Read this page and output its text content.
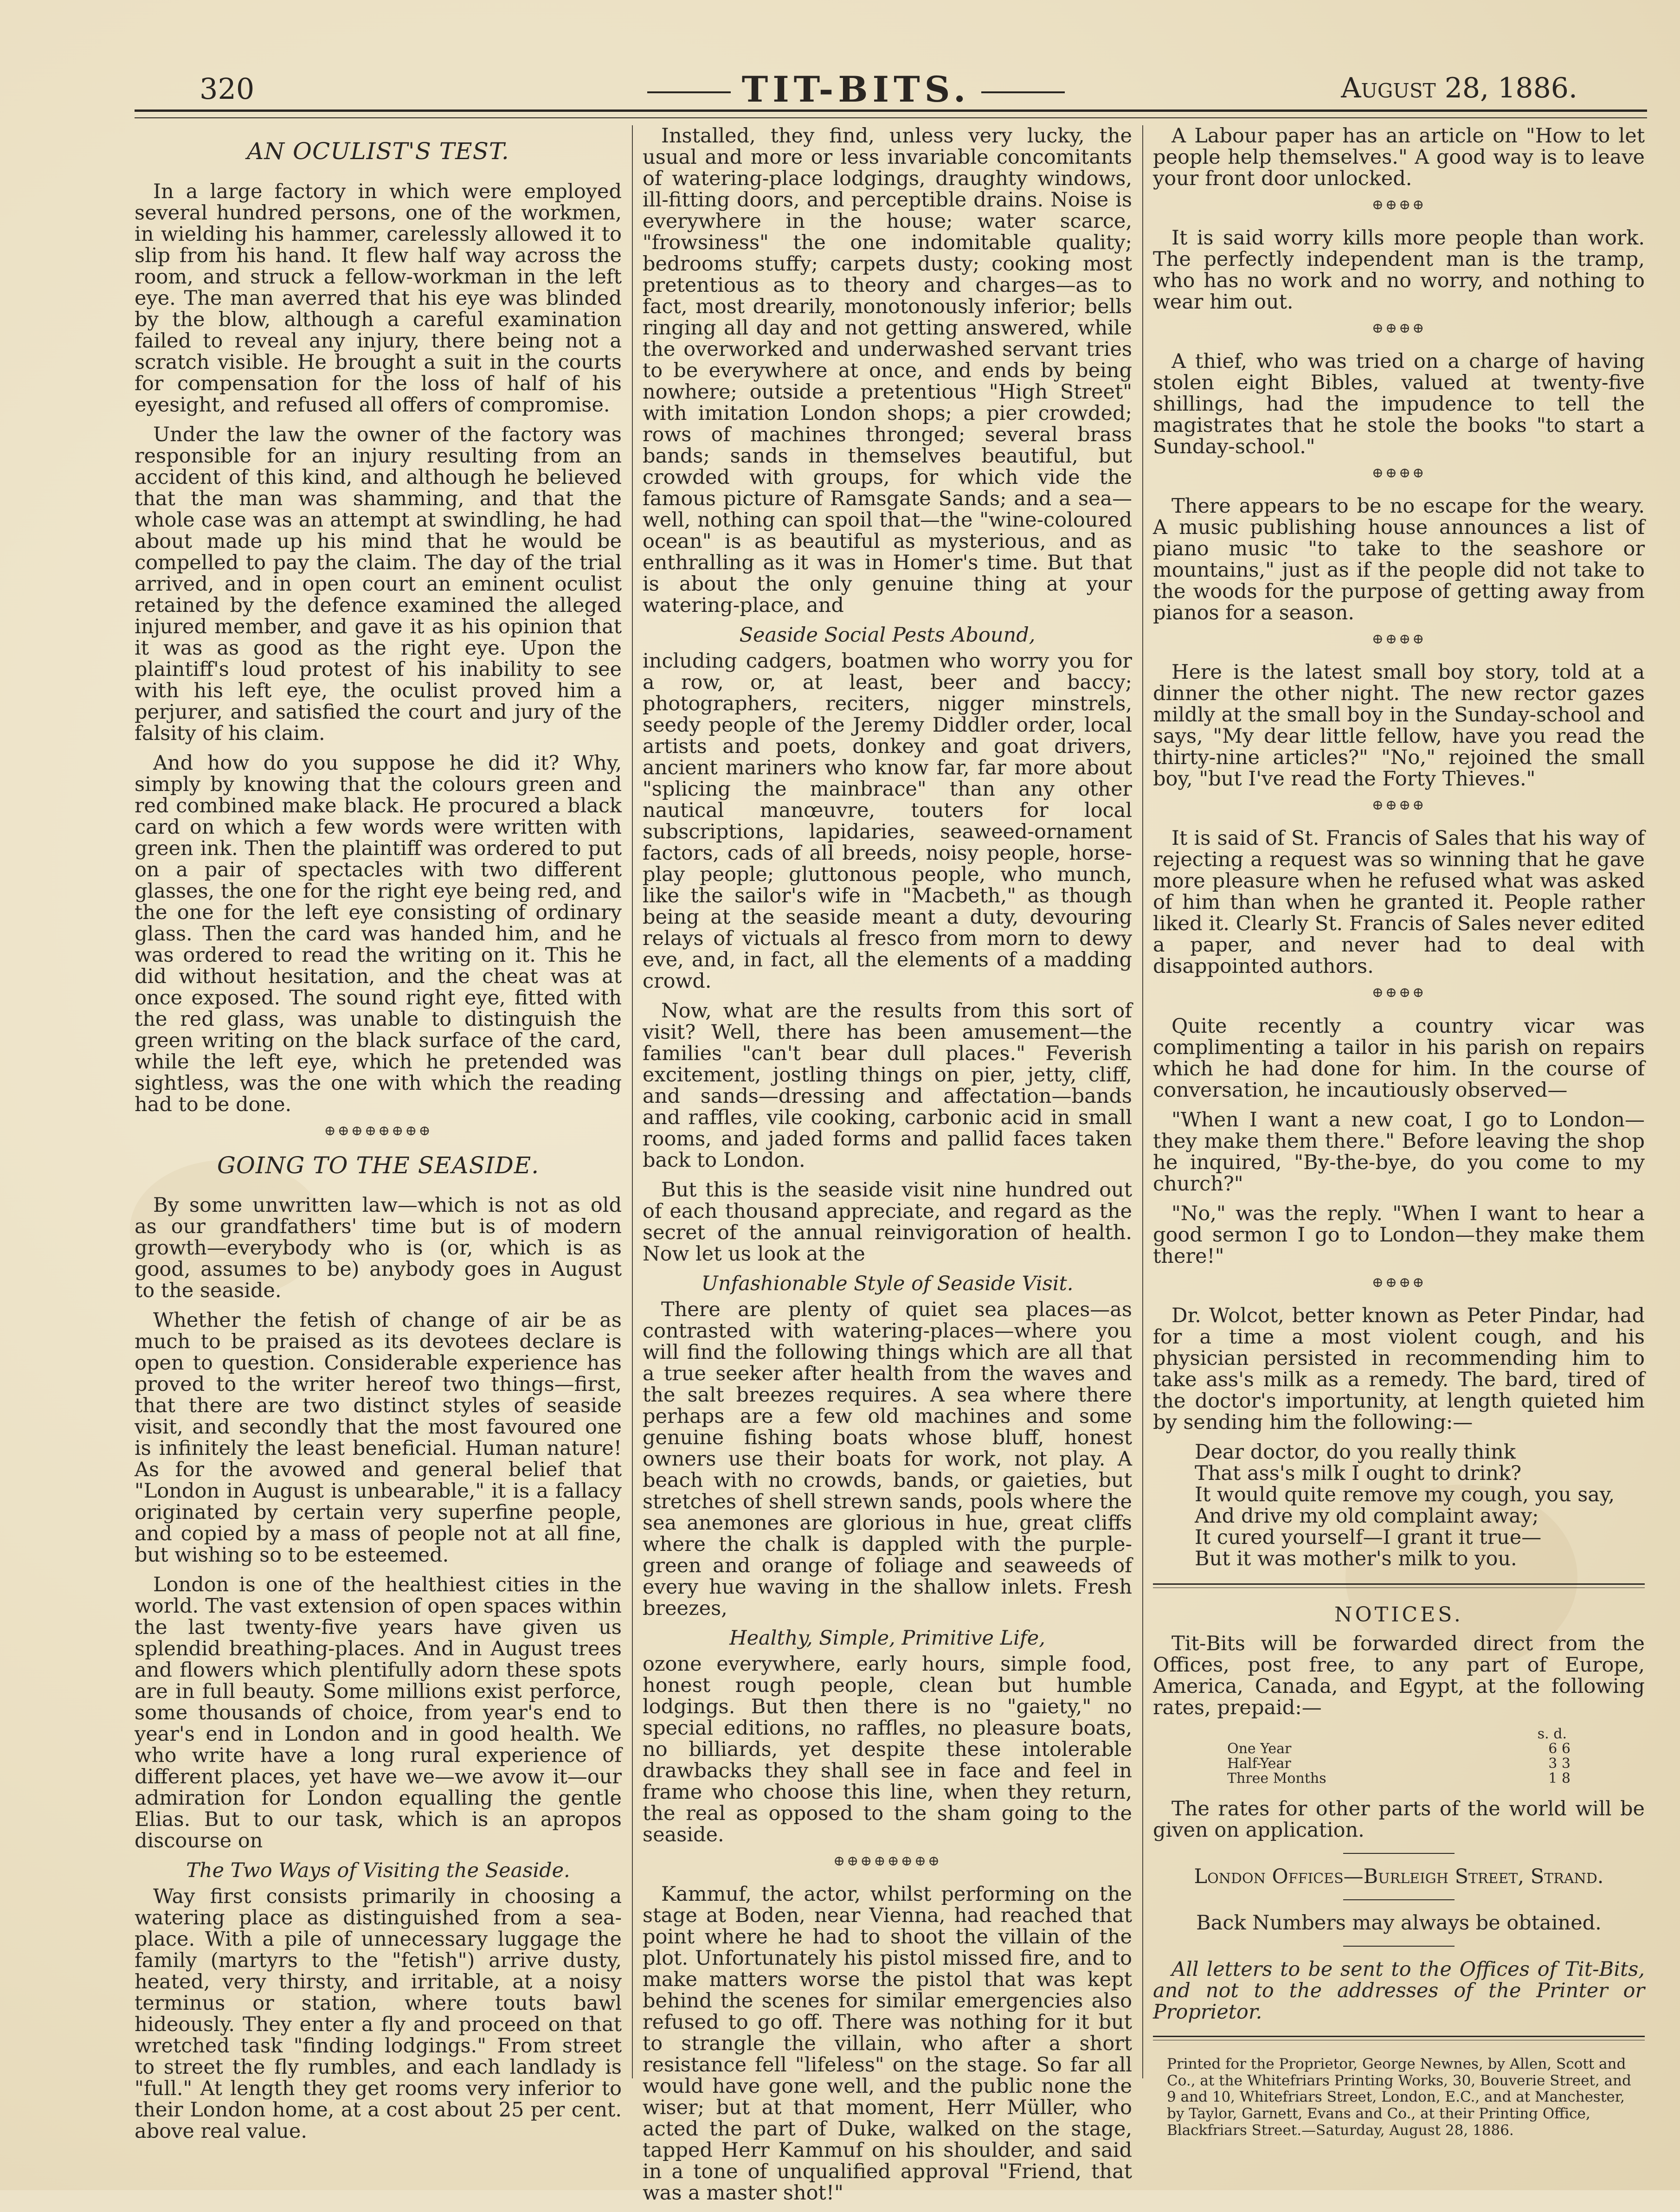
320	TIT-BITS.	August 28, 1886.
AN OCULIST'S TEST.

In a large factory in which were employed several hundred persons, one of the workmen, in wielding his hammer, carelessly allowed it to slip from his hand. It flew half way across the room, and struck a fellow-workman in the left eye. The man averred that his eye was blinded by the blow, although a careful examination failed to reveal any injury, there being not a scratch visible. He brought a suit in the courts for compensation for the loss of half of his eyesight, and refused all offers of compromise.

Under the law the owner of the factory was responsible for an injury resulting from an accident of this kind, and although he believed that the man was shamming, and that the whole case was an attempt at swindling, he had about made up his mind that he would be compelled to pay the claim. The day of the trial arrived, and in open court an eminent oculist retained by the defence examined the alleged injured member, and gave it as his opinion that it was as good as the right eye. Upon the plaintiff's loud protest of his inability to see with his left eye, the oculist proved him a perjurer, and satisfied the court and jury of the falsity of his claim.

And how do you suppose he did it? Why, simply by knowing that the colours green and red combined make black. He procured a black card on which a few words were written with green ink. Then the plaintiff was ordered to put on a pair of spectacles with two different glasses, the one for the right eye being red, and the one for the left eye consisting of ordinary glass. Then the card was handed him, and he was ordered to read the writing on it. This he did without hesitation, and the cheat was at once exposed. The sound right eye, fitted with the red glass, was unable to distinguish the green writing on the black surface of the card, while the left eye, which he pretended was sightless, was the one with which the reading had to be done.

⊕⊕⊕⊕⊕⊕⊕⊕
GOING TO THE SEASIDE.

By some unwritten law—which is not as old as our grandfathers' time but is of modern growth—everybody who is (or, which is as good, assumes to be) anybody goes in August to the seaside.

Whether the fetish of change of air be as much to be praised as its devotees declare is open to question. Considerable experience has proved to the writer hereof two things—first, that there are two distinct styles of seaside visit, and secondly that the most favoured one is infinitely the least beneficial. Human nature! As for the avowed and general belief that "London in August is unbearable," it is a fallacy originated by certain very superfine people, and copied by a mass of people not at all fine, but wishing so to be esteemed.

London is one of the healthiest cities in the world. The vast extension of open spaces within the last twenty-five years have given us splendid breathing-places. And in August trees and flowers which plentifully adorn these spots are in full beauty. Some millions exist perforce, some thousands of choice, from year's end to year's end in London and in good health. We who write have a long rural experience of different places, yet have we—we avow it—our admiration for London equalling the gentle Elias. But to our task, which is an apropos discourse on

The Two Ways of Visiting the Seaside.

Way first consists primarily in choosing a watering place as distinguished from a sea-place. With a pile of unnecessary luggage the family (martyrs to the "fetish") arrive dusty, heated, very thirsty, and irritable, at a noisy terminus or station, where touts bawl hideously. They enter a fly and proceed on that wretched task "finding lodgings." From street to street the fly rumbles, and each landlady is "full." At length they get rooms very inferior to their London home, at a cost about 25 per cent. above real value.

Installed, they find, unless very lucky, the usual and more or less invariable concomitants of watering-place lodgings, draughty windows, ill-fitting doors, and perceptible drains. Noise is everywhere in the house; water scarce, "frowsiness" the one indomitable quality; bedrooms stuffy; carpets dusty; cooking most pretentious as to theory and charges—as to fact, most drearily, monotonously inferior; bells ringing all day and not getting answered, while the overworked and underwashed servant tries to be everywhere at once, and ends by being nowhere; outside a pretentious "High Street" with imitation London shops; a pier crowded; rows of machines thronged; several brass bands; sands in themselves beautiful, but crowded with groups, for which vide the famous picture of Ramsgate Sands; and a sea—well, nothing can spoil that—the "wine-coloured ocean" is as beautiful as mysterious, and as enthralling as it was in Homer's time. But that is about the only genuine thing at your watering-place, and

Seaside Social Pests Abound,

including cadgers, boatmen who worry you for a row, or, at least, beer and baccy; photographers, reciters, nigger minstrels, seedy people of the Jeremy Diddler order, local artists and poets, donkey and goat drivers, ancient mariners who know far, far more about "splicing the mainbrace" than any other nautical manœuvre, touters for local subscriptions, lapidaries, seaweed-ornament factors, cads of all breeds, noisy people, horse-play people; gluttonous people, who munch, like the sailor's wife in "Macbeth," as though being at the seaside meant a duty, devouring relays of victuals al fresco from morn to dewy eve, and, in fact, all the elements of a madding crowd.

Now, what are the results from this sort of visit? Well, there has been amusement—the families "can't bear dull places." Feverish excitement, jostling things on pier, jetty, cliff, and sands—dressing and affectation—bands and raffles, vile cooking, carbonic acid in small rooms, and jaded forms and pallid faces taken back to London.

But this is the seaside visit nine hundred out of each thousand appreciate, and regard as the secret of the annual reinvigoration of health. Now let us look at the

Unfashionable Style of Seaside Visit.

There are plenty of quiet sea places—as contrasted with watering-places—where you will find the following things which are all that a true seeker after health from the waves and the salt breezes requires. A sea where there perhaps are a few old machines and some genuine fishing boats whose bluff, honest owners use their boats for work, not play. A beach with no crowds, bands, or gaieties, but stretches of shell strewn sands, pools where the sea anemones are glorious in hue, great cliffs where the chalk is dappled with the purple-green and orange of foliage and seaweeds of every hue waving in the shallow inlets. Fresh breezes,

Healthy, Simple, Primitive Life,

ozone everywhere, early hours, simple food, honest rough people, clean but humble lodgings. But then there is no "gaiety," no special editions, no raffles, no pleasure boats, no billiards, yet despite these intolerable drawbacks they shall see in face and feel in frame who choose this line, when they return, the real as opposed to the sham going to the seaside.

⊕⊕⊕⊕⊕⊕⊕⊕

Kammuf, the actor, whilst performing on the stage at Boden, near Vienna, had reached that point where he had to shoot the villain of the plot. Unfortunately his pistol missed fire, and to make matters worse the pistol that was kept behind the scenes for similar emergencies also refused to go off. There was nothing for it but to strangle the villain, who after a short resistance fell "lifeless" on the stage. So far all would have gone well, and the public none the wiser; but at that moment, Herr Müller, who acted the part of Duke, walked on the stage, tapped Herr Kammuf on his shoulder, and said in a tone of unqualified approval "Friend, that was a master shot!"

A Labour paper has an article on "How to let people help themselves." A good way is to leave your front door unlocked.

⊕⊕⊕⊕

It is said worry kills more people than work. The perfectly independent man is the tramp, who has no work and no worry, and nothing to wear him out.

⊕⊕⊕⊕

A thief, who was tried on a charge of having stolen eight Bibles, valued at twenty-five shillings, had the impudence to tell the magistrates that he stole the books "to start a Sunday-school."

⊕⊕⊕⊕

There appears to be no escape for the weary. A music publishing house announces a list of piano music "to take to the seashore or mountains," just as if the people did not take to the woods for the purpose of getting away from pianos for a season.

⊕⊕⊕⊕

Here is the latest small boy story, told at a dinner the other night. The new rector gazes mildly at the small boy in the Sunday-school and says, "My dear little fellow, have you read the thirty-nine articles?" "No," rejoined the small boy, "but I've read the Forty Thieves."

⊕⊕⊕⊕

It is said of St. Francis of Sales that his way of rejecting a request was so winning that he gave more pleasure when he refused what was asked of him than when he granted it. People rather liked it. Clearly St. Francis of Sales never edited a paper, and never had to deal with disappointed authors.

⊕⊕⊕⊕

Quite recently a country vicar was complimenting a tailor in his parish on repairs which he had done for him. In the course of conversation, he incautiously observed—

"When I want a new coat, I go to London—they make them there." Before leaving the shop he inquired, "By-the-bye, do you come to my church?"

"No," was the reply. "When I want to hear a good sermon I go to London—they make them there!"

⊕⊕⊕⊕

Dr. Wolcot, better known as Peter Pindar, had for a time a most violent cough, and his physician persisted in recommending him to take ass's milk as a remedy. The bard, tired of the doctor's importunity, at length quieted him by sending him the following:—

Dear doctor, do you really think
That ass's milk I ought to drink?
It would quite remove my cough, you say,
And drive my old complaint away;
It cured yourself—I grant it true—
But it was mother's milk to you.
NOTICES.

Tit-Bits will be forwarded direct from the Offices, post free, to any part of Europe, America, Canada, and Egypt, at the following rates, prepaid:—

s. d.
One Year	6 6
Half-Year	3 3
Three Months	1 8

The rates for other parts of the world will be given on application.

London Offices—Burleigh Street, Strand.

Back Numbers may always be obtained.

All letters to be sent to the Offices of Tit-Bits, and not to the addresses of the Printer or Proprietor.

Printed for the Proprietor, George Newnes, by Allen, Scott and Co., at the Whitefriars Printing Works, 30, Bouverie Street, and 9 and 10, Whitefriars Street, London, E.C., and at Manchester, by Taylor, Garnett, Evans and Co., at their Printing Office, Blackfriars Street.—Saturday, August 28, 1886.
